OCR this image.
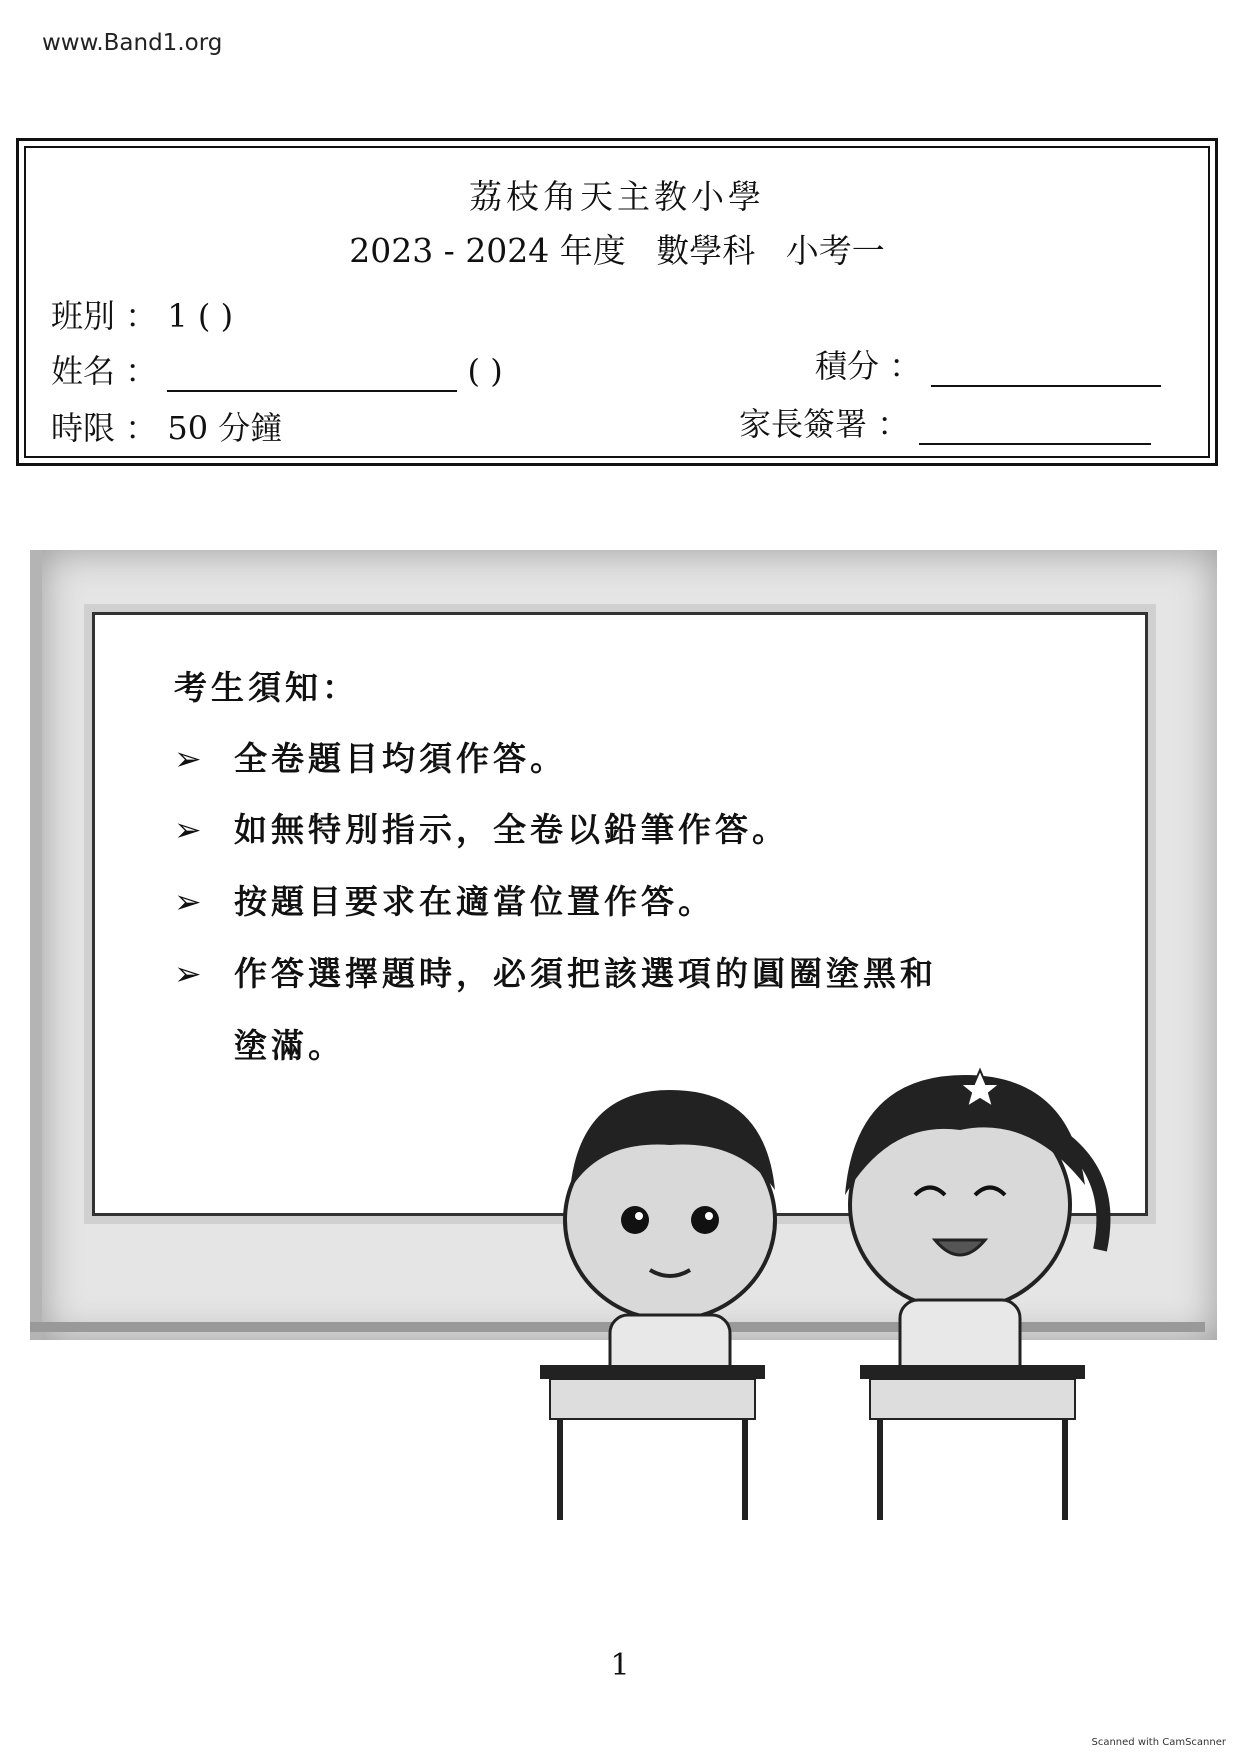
www.Band1.org
荔枝角天主教小學
2023 - 2024 年度 數學科 小考一
班別 ： 1 ( )
姓名 ：	( )	積分 ：
時限 ： 50 分鐘	家長簽署 ：
考生須知：
➢ 全卷題目均須作答。
➢ 如無特別指示，全卷以鉛筆作答。
➢ 按題目要求在適當位置作答。
➢ 作答選擇題時，必須把該選項的圓圈塗黑和
塗滿。
1
Scanned with CamScanner
